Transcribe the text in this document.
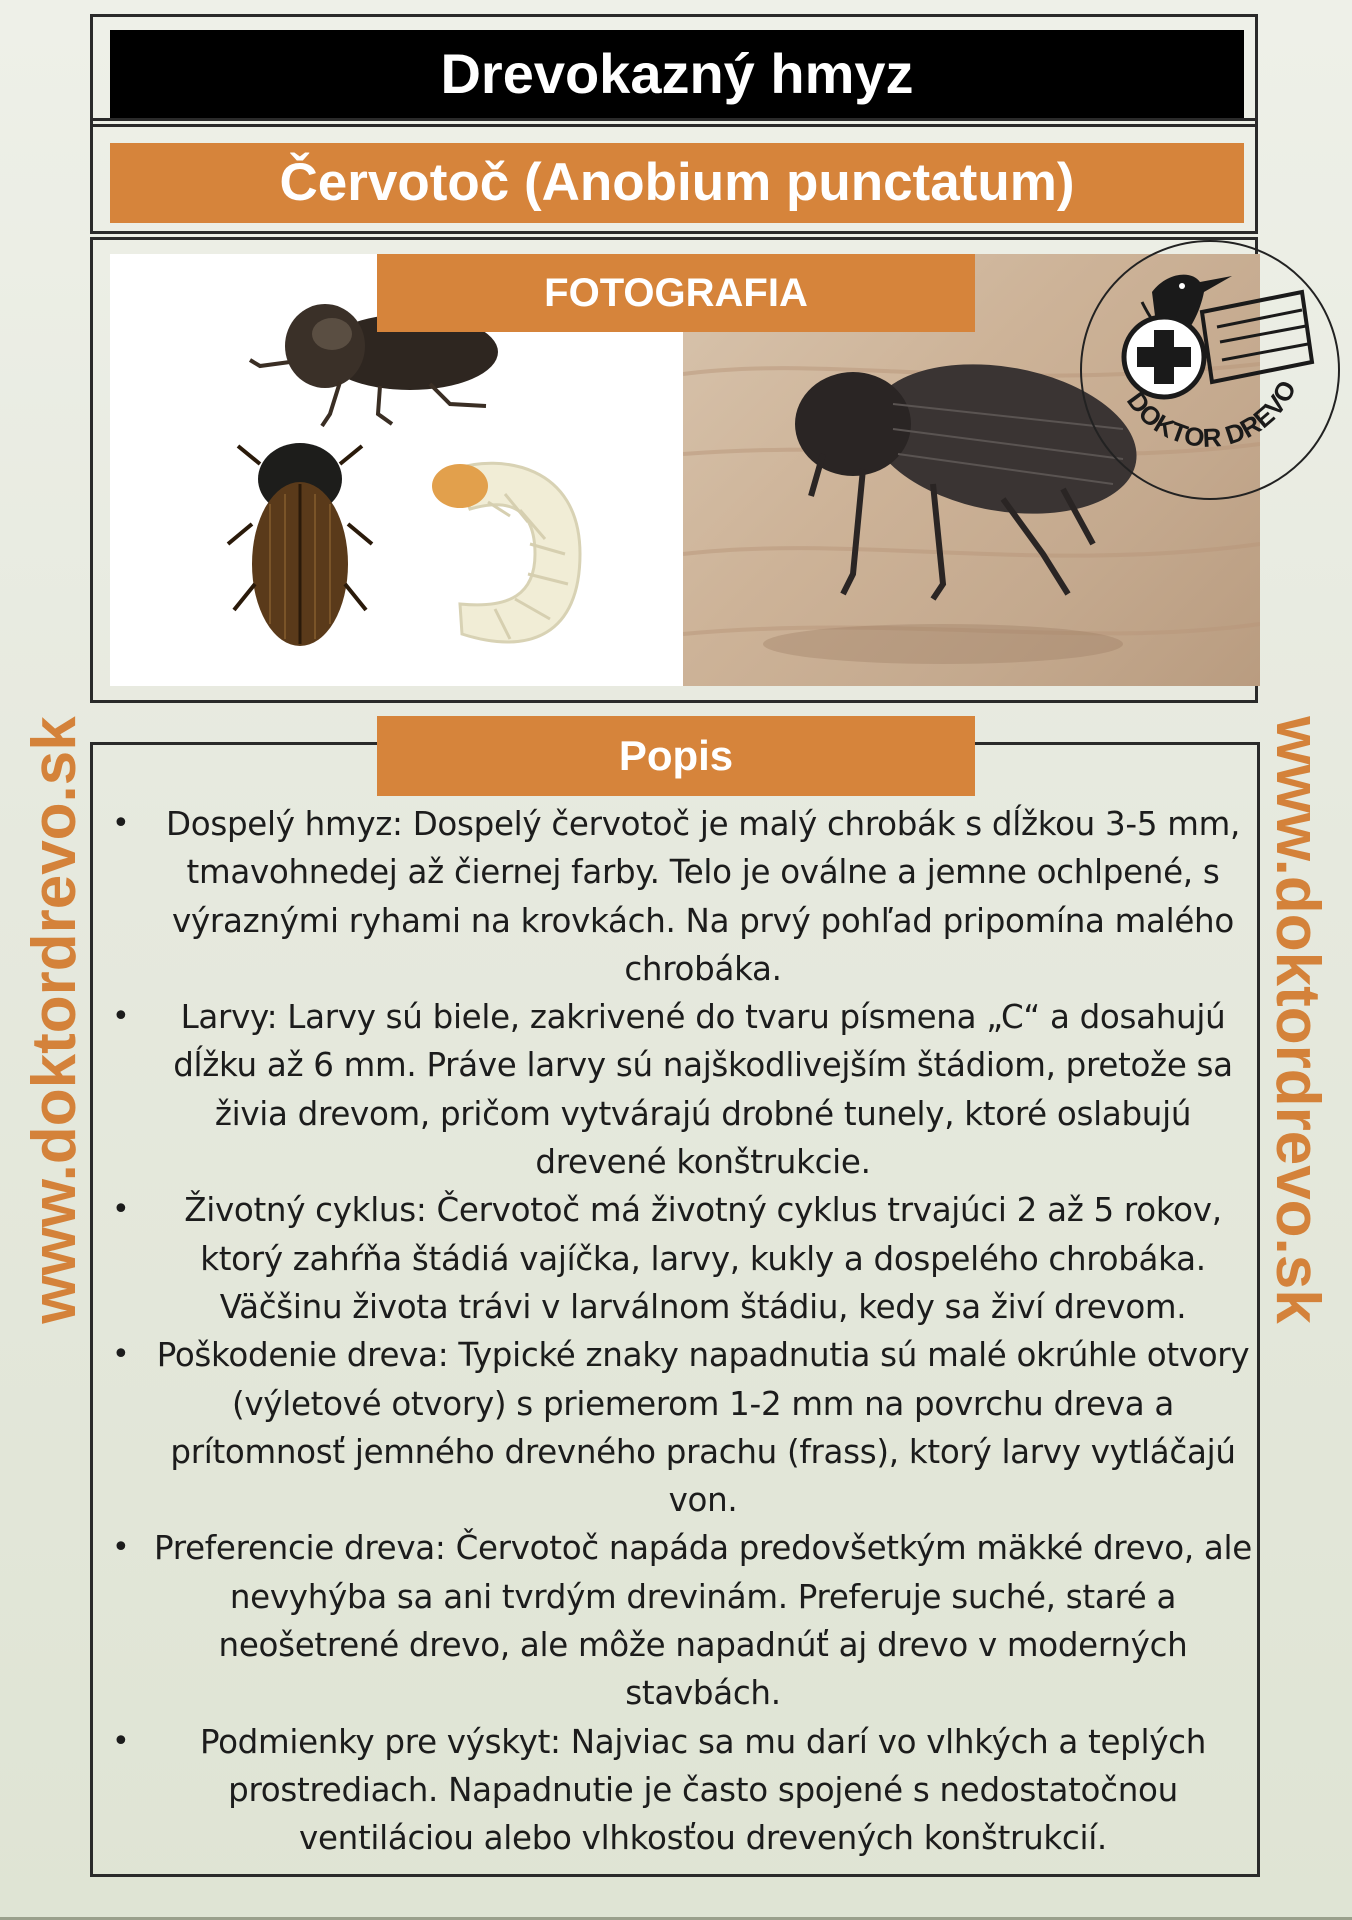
www.doktordrevo.sk	www.doktordrevo.sk
Drevokazný hmyz
Červotoč (Anobium punctatum)
FOTOGRAFIA
DOKTOR DREVO
Popis
• Dospelý hmyz: Dospelý červotoč je malý chrobák s dĺžkou 3-5 mm, tmavohnedej až čiernej farby. Telo je oválne a jemne ochlpené, s výraznými ryhami na krovkách. Na prvý pohľad pripomína malého chrobáka.
• Larvy: Larvy sú biele, zakrivené do tvaru písmena „C“ a dosahujú dĺžku až 6 mm. Práve larvy sú najškodlivejším štádiom, pretože sa živia drevom, pričom vytvárajú drobné tunely, ktoré oslabujú drevené konštrukcie.
• Životný cyklus: Červotoč má životný cyklus trvajúci 2 až 5 rokov, ktorý zahŕňa štádiá vajíčka, larvy, kukly a dospelého chrobáka. Väčšinu života trávi v larválnom štádiu, kedy sa živí drevom.
• Poškodenie dreva: Typické znaky napadnutia sú malé okrúhle otvory (výletové otvory) s priemerom 1-2 mm na povrchu dreva a prítomnosť jemného drevného prachu (frass), ktorý larvy vytláčajú von.
• Preferencie dreva: Červotoč napáda predovšetkým mäkké drevo, ale nevyhýba sa ani tvrdým drevinám. Preferuje suché, staré a neošetrené drevo, ale môže napadnúť aj drevo v moderných stavbách.
• Podmienky pre výskyt: Najviac sa mu darí vo vlhkých a teplých prostrediach. Napadnutie je často spojené s nedostatočnou ventiláciou alebo vlhkosťou drevených konštrukcií.
